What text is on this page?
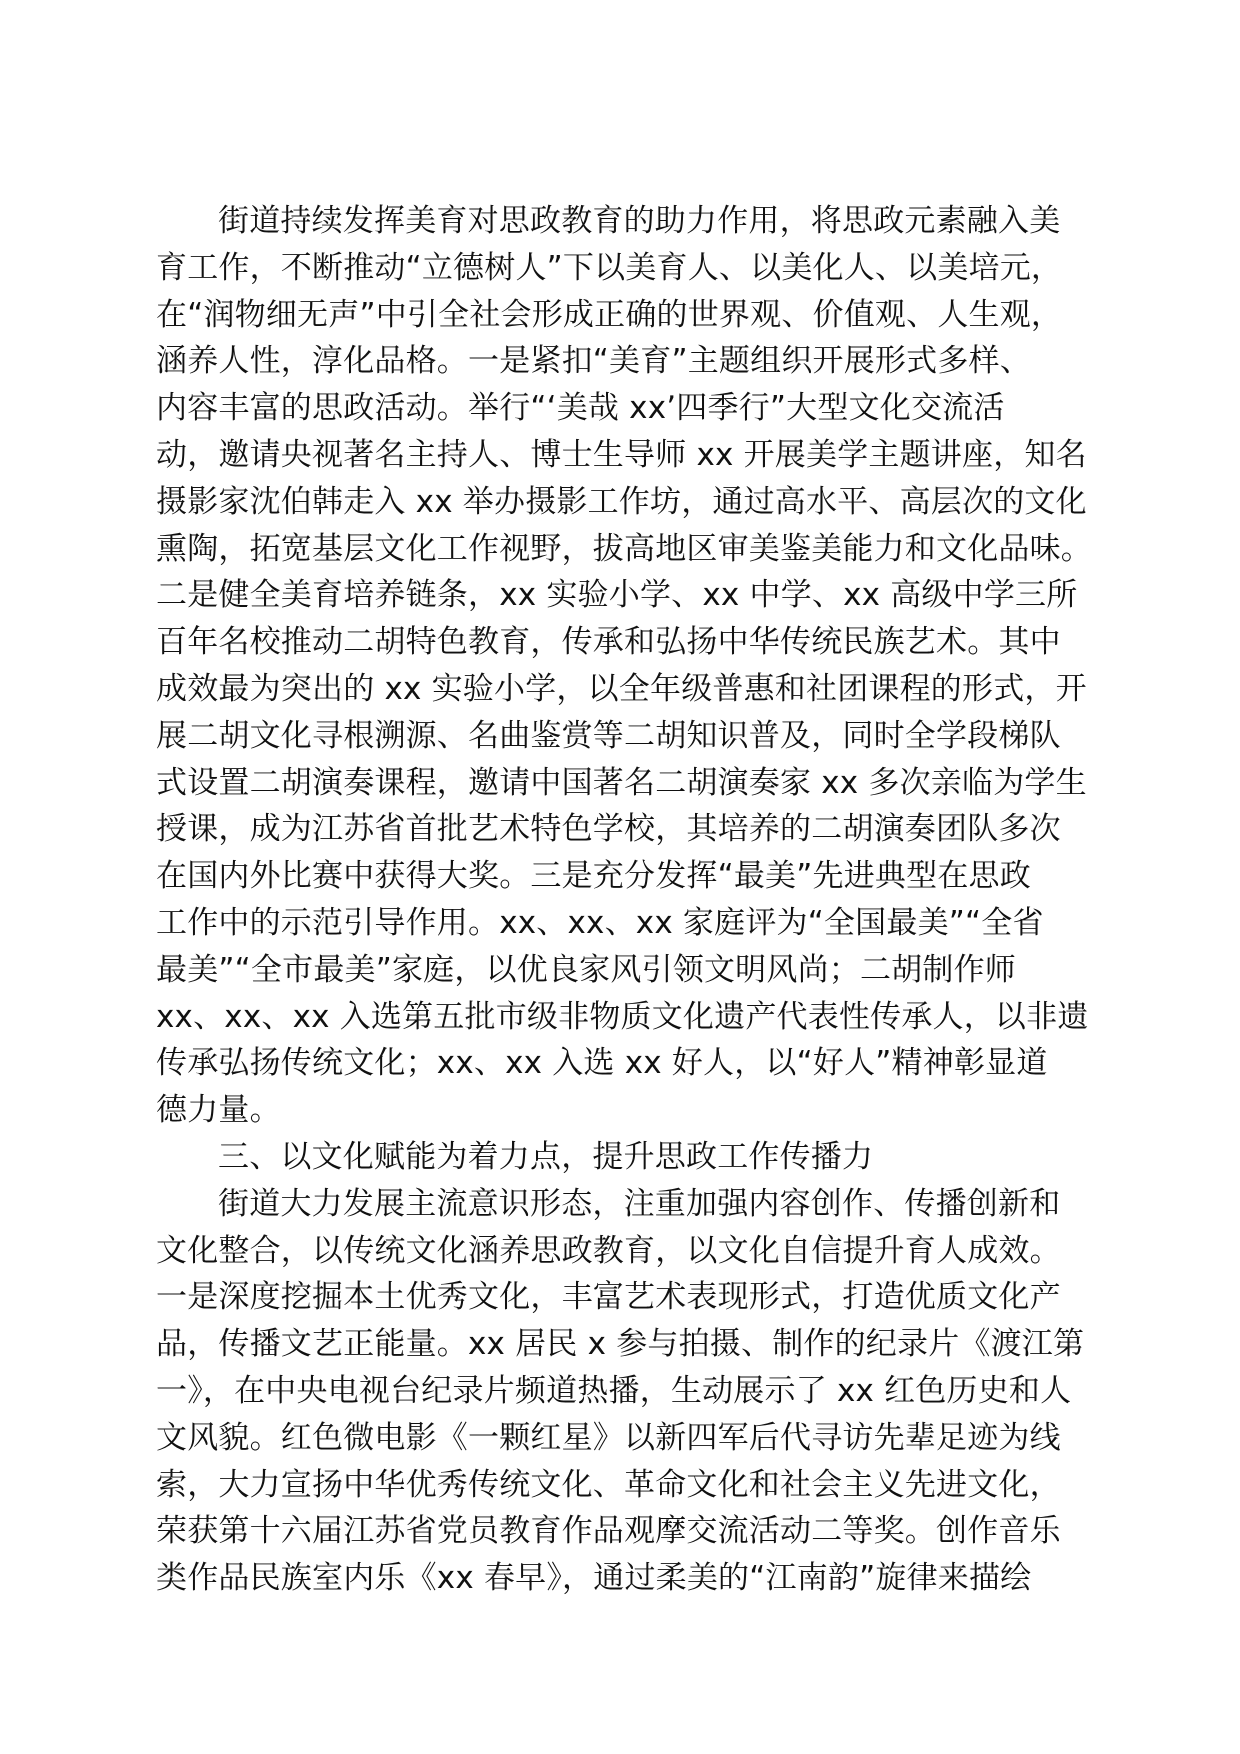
街道持续发挥美育对思政教育的助力作用，将思政元素融入美
育工作，不断推动“立德树人”下以美育人、以美化人、以美培元，
在“润物细无声”中引全社会形成正确的世界观、价值观、人生观，
涵养人性，淳化品格。一是紧扣“美育”主题组织开展形式多样、
内容丰富的思政活动。举行“‘美哉 xx’四季行”大型文化交流活
动，邀请央视著名主持人、博士生导师 xx 开展美学主题讲座，知名
摄影家沈伯韩走入 xx 举办摄影工作坊，通过高水平、高层次的文化
熏陶，拓宽基层文化工作视野，拔高地区审美鉴美能力和文化品味。
二是健全美育培养链条，xx 实验小学、xx 中学、xx 高级中学三所
百年名校推动二胡特色教育，传承和弘扬中华传统民族艺术。其中
成效最为突出的 xx 实验小学，以全年级普惠和社团课程的形式，开
展二胡文化寻根溯源、名曲鉴赏等二胡知识普及，同时全学段梯队
式设置二胡演奏课程，邀请中国著名二胡演奏家 xx 多次亲临为学生
授课，成为江苏省首批艺术特色学校，其培养的二胡演奏团队多次
在国内外比赛中获得大奖。三是充分发挥“最美”先进典型在思政
工作中的示范引导作用。xx、xx、xx 家庭评为“全国最美”“全省
最美”“全市最美”家庭，以优良家风引领文明风尚；二胡制作师
xx、xx、xx 入选第五批市级非物质文化遗产代表性传承人，以非遗
传承弘扬传统文化；xx、xx 入选 xx 好人，以“好人”精神彰显道
德力量。
三、以文化赋能为着力点，提升思政工作传播力
街道大力发展主流意识形态，注重加强内容创作、传播创新和
文化整合，以传统文化涵养思政教育，以文化自信提升育人成效。
一是深度挖掘本土优秀文化，丰富艺术表现形式，打造优质文化产
品，传播文艺正能量。xx 居民 x 参与拍摄、制作的纪录片《渡江第
一》，在中央电视台纪录片频道热播，生动展示了 xx 红色历史和人
文风貌。红色微电影《一颗红星》以新四军后代寻访先辈足迹为线
索，大力宣扬中华优秀传统文化、革命文化和社会主义先进文化，
荣获第十六届江苏省党员教育作品观摩交流活动二等奖。创作音乐
类作品民族室内乐《xx 春早》，通过柔美的“江南韵”旋律来描绘
